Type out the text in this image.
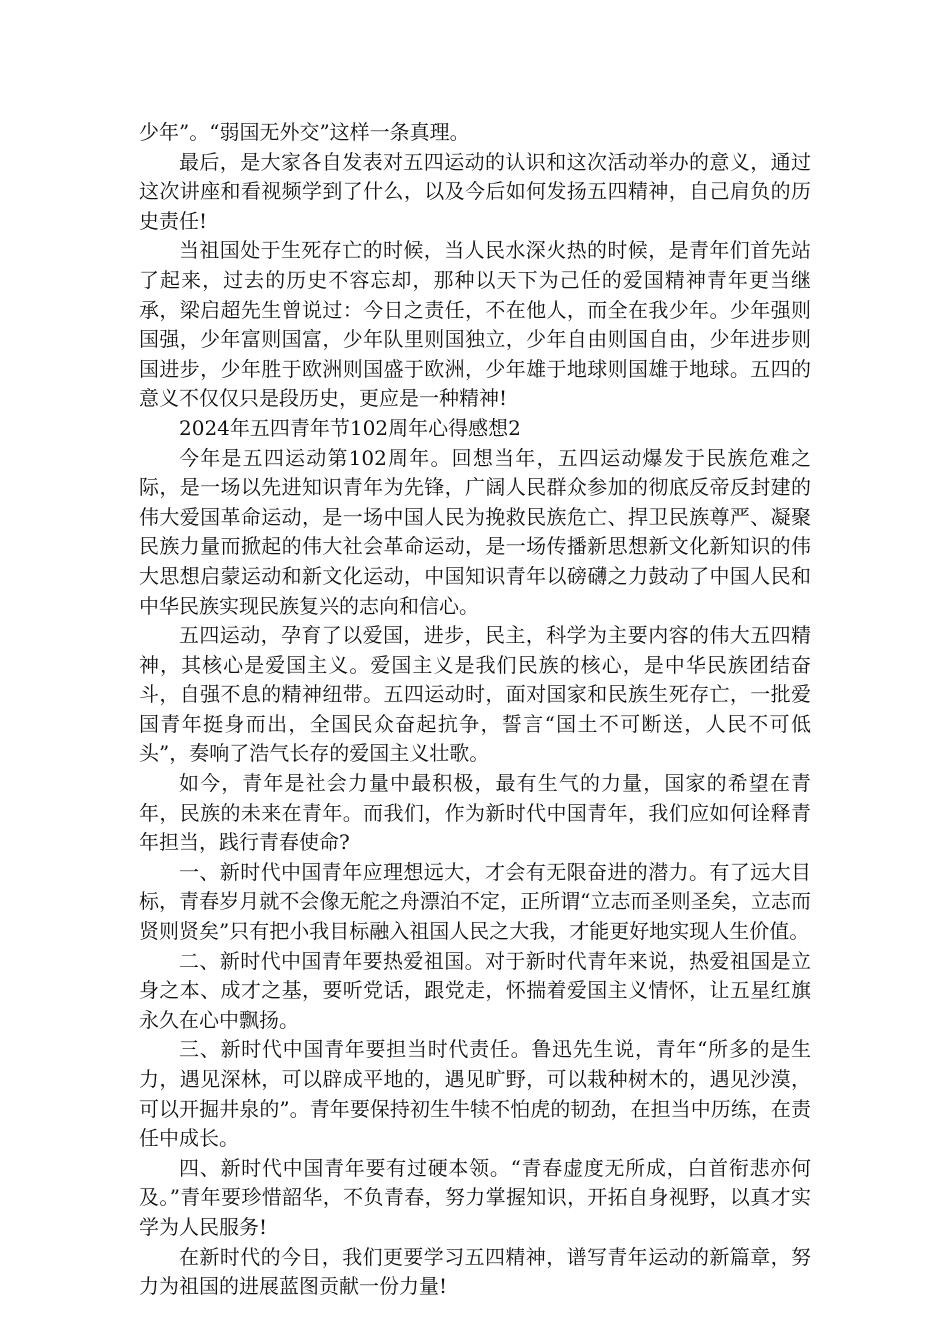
少年”。“弱国无外交”这样一条真理。

最后，是大家各自发表对五四运动的认识和这次活动举办的意义，通过这次讲座和看视频学到了什么，以及今后如何发扬五四精神，自己肩负的历史责任!

当祖国处于生死存亡的时候，当人民水深火热的时候，是青年们首先站了起来，过去的历史不容忘却，那种以天下为己任的爱国精神青年更当继承，梁启超先生曾说过：今日之责任，不在他人，而全在我少年。少年强则国强，少年富则国富，少年队里则国独立，少年自由则国自由，少年进步则国进步，少年胜于欧洲则国盛于欧洲，少年雄于地球则国雄于地球。五四的意义不仅仅只是段历史，更应是一种精神!

2024年五四青年节102周年心得感想2

今年是五四运动第102周年。回想当年，五四运动爆发于民族危难之际，是一场以先进知识青年为先锋，广阔人民群众参加的彻底反帝反封建的伟大爱国革命运动，是一场中国人民为挽救民族危亡、捍卫民族尊严、凝聚民族力量而掀起的伟大社会革命运动，是一场传播新思想新文化新知识的伟大思想启蒙运动和新文化运动，中国知识青年以磅礴之力鼓动了中国人民和中华民族实现民族复兴的志向和信心。

五四运动，孕育了以爱国，进步，民主，科学为主要内容的伟大五四精神，其核心是爱国主义。爱国主义是我们民族的核心，是中华民族团结奋斗，自强不息的精神纽带。五四运动时，面对国家和民族生死存亡，一批爱国青年挺身而出，全国民众奋起抗争，誓言“国土不可断送，人民不可低头”，奏响了浩气长存的爱国主义壮歌。

如今，青年是社会力量中最积极，最有生气的力量，国家的希望在青年，民族的未来在青年。而我们，作为新时代中国青年，我们应如何诠释青年担当，践行青春使命?

一、新时代中国青年应理想远大，才会有无限奋进的潜力。有了远大目标，青春岁月就不会像无舵之舟漂泊不定，正所谓“立志而圣则圣矣，立志而贤则贤矣”只有把小我目标融入祖国人民之大我，才能更好地实现人生价值。

二、新时代中国青年要热爱祖国。对于新时代青年来说，热爱祖国是立身之本、成才之基，要听党话，跟党走，怀揣着爱国主义情怀，让五星红旗永久在心中飘扬。

三、新时代中国青年要担当时代责任。鲁迅先生说，青年“所多的是生力，遇见深林，可以辟成平地的，遇见旷野，可以栽种树木的，遇见沙漠，可以开掘井泉的”。青年要保持初生牛犊不怕虎的韧劲，在担当中历练，在责任中成长。

四、新时代中国青年要有过硬本领。“青春虚度无所成，白首衔悲亦何及。”青年要珍惜韶华，不负青春，努力掌握知识，开拓自身视野，以真才实学为人民服务!

在新时代的今日，我们更要学习五四精神，谱写青年运动的新篇章，努力为祖国的进展蓝图贡献一份力量!
